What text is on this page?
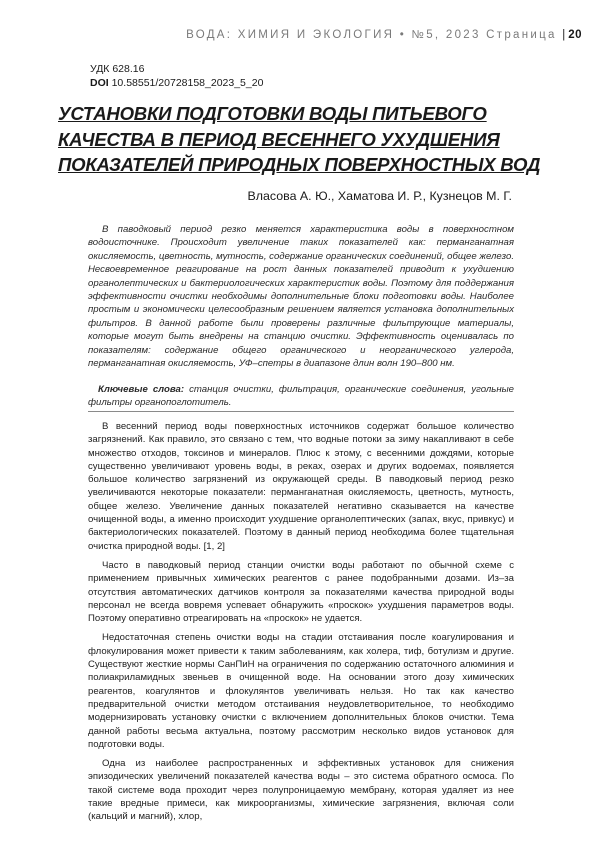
ВОДА: ХИМИЯ И ЭКОЛОГИЯ • №5, 2023 Страница | 20
УДК 628.16
DOI 10.58551/20728158_2023_5_20
УСТАНОВКИ ПОДГОТОВКИ ВОДЫ ПИТЬЕВОГО КАЧЕСТВА В ПЕРИОД ВЕСЕННЕГО УХУДШЕНИЯ ПОКАЗАТЕЛЕЙ ПРИРОДНЫХ ПОВЕРХНОСТНЫХ ВОД
Власова А. Ю., Хаматова И. Р., Кузнецов М. Г.

В паводковый период резко меняется характеристика воды в поверхностном водоисточнике. Происходит увеличение таких показателей как: перманганатная окисляемость, цветность, мутность, содержание органических соединений, общее железо. Несвоевременное реагирование на рост данных показателей приводит к ухудшению органолептических и бактериологических характеристик воды. Поэтому для поддержания эффективности очистки необходимы дополнительные блоки подготовки воды. Наиболее простым и экономически целесообразным решением является установка дополнительных фильтров. В данной работе были проверены различные фильтрующие материалы, которые могут быть внедрены на станцию очистки. Эффективность оценивалась по показателям: содержание общего органического и неорганического углерода, перманганатная окисляемость, УФ–спетры в диапазоне длин волн 190–800 нм.

Ключевые слова: станция очистки, фильтрация, органические соединения, угольные фильтры органопоглотитель.

В весенний период воды поверхностных источников содержат большое количество загрязнений. Как правило, это связано с тем, что водные потоки за зиму накапливают в себе множество отходов, токсинов и минералов. Плюс к этому, с весенними дождями, которые существенно увеличивают уровень воды, в реках, озерах и других водоемах, появляется большое количество загрязнений из окружающей среды. В паводковый период резко увеличиваются некоторые показатели: перманганатная окисляемость, цветность, мутность, общее железо. Увеличение данных показателей негативно сказывается на качестве очищенной воды, а именно происходит ухудшение органолептических (запах, вкус, привкус) и бактериологических показателей. Поэтому в данный период необходима более тщательная очистка природной воды. [1, 2]

Часто в паводковый период станции очистки воды работают по обычной схеме с применением привычных химических реагентов с ранее подобранными дозами. Из–за отсутствия автоматических датчиков контроля за показателями качества природной воды персонал не всегда вовремя успевает обнаружить «проскок» ухудшения параметров воды. Поэтому оперативно отреагировать на «проскок» не удается.

Недостаточная степень очистки воды на стадии отстаивания после коагулирования и флокулирования может привести к таким заболеваниям, как холера, тиф, ботулизм и другие. Существуют жесткие нормы СанПиН на ограничения по содержанию остаточного алюминия и полиакриламидных звеньев в очищенной воде. На основании этого дозу химических реагентов, коагулянтов и флокулянтов увеличивать нельзя. Но так как качество предварительной очистки методом отстаивания неудовлетворительное, то необходимо модернизировать установку очистки с включением дополнительных блоков очистки. Тема данной работы весьма актуальна, поэтому рассмотрим несколько видов установок для подготовки воды.

Одна из наиболее распространенных и эффективных установок для снижения эпизодических увеличений показателей качества воды – это система обратного осмоса. По такой системе вода проходит через полупроницаемую мембрану, которая удаляет из нее такие вредные примеси, как микроорганизмы, химические загрязнения, включая соли (кальций и магний), хлор,
